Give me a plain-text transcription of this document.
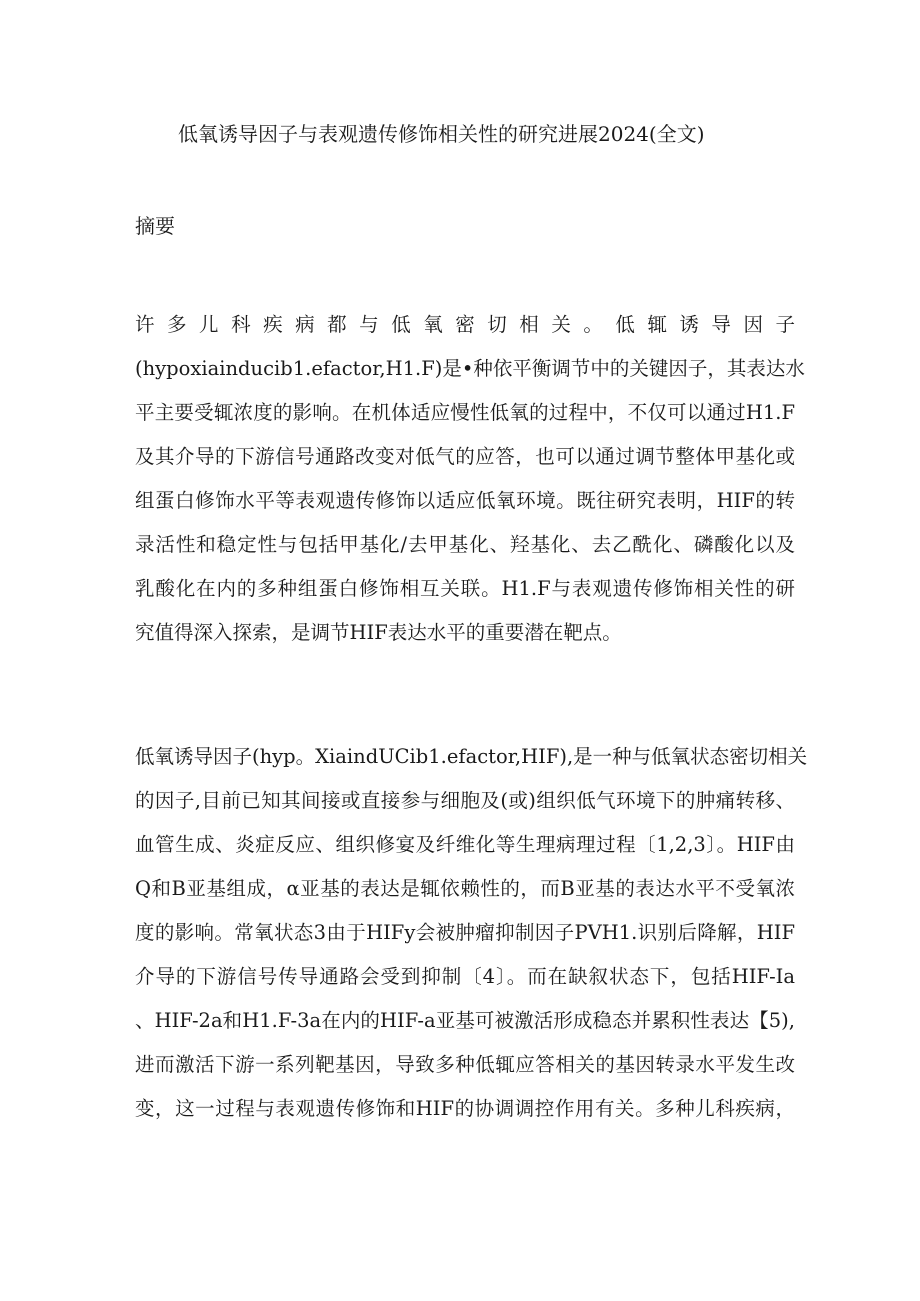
低氧诱导因子与表观遗传修饰相关性的研究进展2024(全文)
摘要
许多儿科疾病都与低氧密切相关。低辄诱导因子
(hypoxiainducib1.efactor,H1.F)是•种依平衡调节中的关键因子，其表达水
平主要受辄浓度的影响。在机体适应慢性低氧的过程中，不仅可以通过H1.F
及其介导的下游信号通路改变对低气的应答，也可以通过调节整体甲基化或
组蛋白修饰水平等表观遗传修饰以适应低氧环境。既往研究表明，HIF的转
录活性和稳定性与包括甲基化/去甲基化、羟基化、去乙酰化、磷酸化以及
乳酸化在内的多种组蛋白修饰相互关联。H1.F与表观遗传修饰相关性的研
究值得深入探索，是调节HIF表达水平的重要潜在靶点。
低氧诱导因子(hyp。XiaindUCib1.efactor,HIF),是一种与低氧状态密切相关
的因子,目前已知其间接或直接参与细胞及(或)组织低气环境下的肿痛转移、
血管生成、炎症反应、组织修宴及纤维化等生理病理过程〔1,2,3〕。HIF由
Q和B亚基组成，α亚基的表达是辄依赖性的，而B亚基的表达水平不受氧浓
度的影响。常氧状态3由于HIFy会被肿瘤抑制因子PVH1.识别后降解，HIF
介导的下游信号传导通路会受到抑制〔4〕。而在缺叙状态下，包括HIF-Ia
、HIF-2a和H1.F-3a在内的HIF-a亚基可被激活形成稳态并累积性表达【5),
进而激活下游一系列靶基因，导致多种低辄应答相关的基因转录水平发生改
变，这一过程与表观遗传修饰和HIF的协调调控作用有关。多种儿科疾病，
